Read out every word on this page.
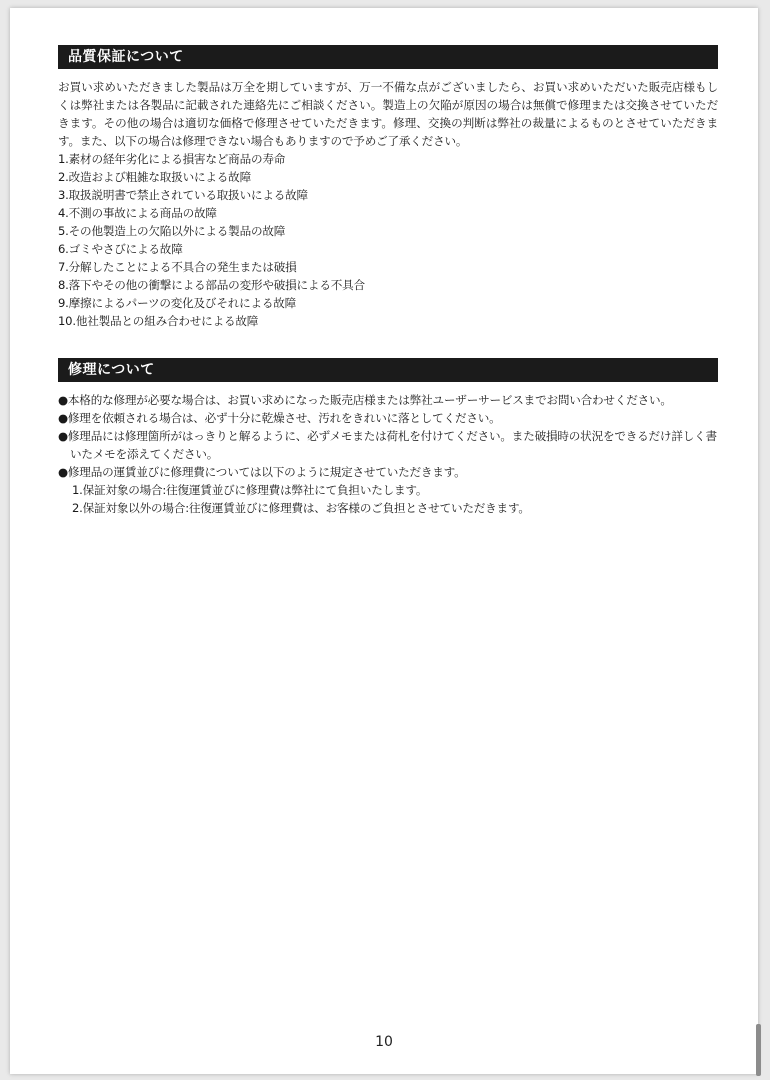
品質保証について

お買い求めいただきました製品は万全を期していますが、万一不備な点がございましたら、お買い求めいただいた販売店様もしくは弊社または各製品に記載された連絡先にご相談ください。製造上の欠陥が原因の場合は無償で修理または交換させていただきます。その他の場合は適切な価格で修理させていただきます。修理、交換の判断は弊社の裁量によるものとさせていただきます。また、以下の場合は修理できない場合もありますので予めご了承ください。

1.素材の経年劣化による損害など商品の寿命
2.改造および粗雑な取扱いによる故障
3.取扱説明書で禁止されている取扱いによる故障
4.不測の事故による商品の故障
5.その他製造上の欠陥以外による製品の故障
6.ゴミやさびによる故障
7.分解したことによる不具合の発生または破損
8.落下やその他の衝撃による部品の変形や破損による不具合
9.摩擦によるパーツの変化及びそれによる故障
10.他社製品との組み合わせによる故障
修理について
●本格的な修理が必要な場合は、お買い求めになった販売店様または弊社ユーザーサービスまでお問い合わせください。
●修理を依頼される場合は、必ず十分に乾燥させ、汚れをきれいに落としてください。
●修理品には修理箇所がはっきりと解るように、必ずメモまたは荷札を付けてください。また破損時の状況をできるだけ詳しく書いたメモを添えてください。
●修理品の運賃並びに修理費については以下のように規定させていただきます。
1.保証対象の場合:往復運賃並びに修理費は弊社にて負担いたします。
2.保証対象以外の場合:往復運賃並びに修理費は、お客様のご負担とさせていただきます。
10
